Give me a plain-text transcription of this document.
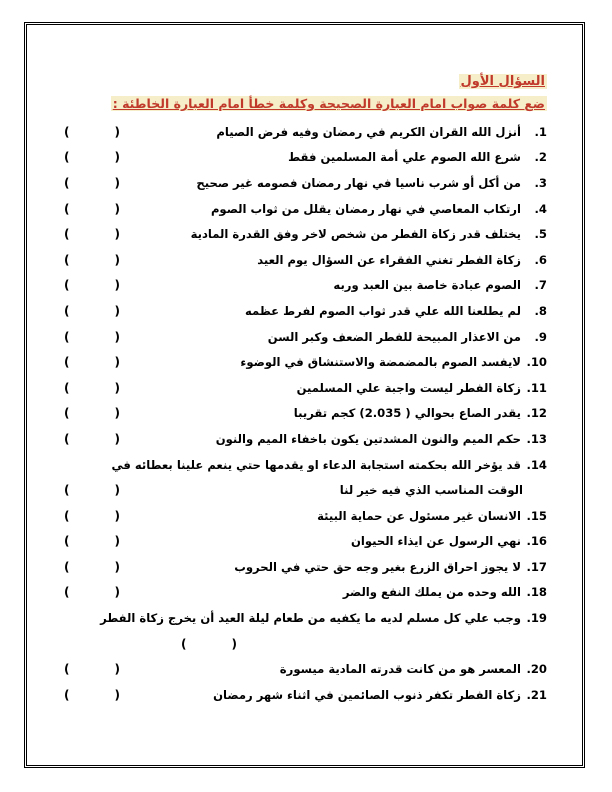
السؤال الأول
ضع كلمة صواب امام العبارة الصحيحة وكلمة خطأ امام العبارة الخاطئة :
1.

أنزل الله القران الكريم في رمضان وفيه فرض الصيام
(
)
2.

شرع الله الصوم علي أمة المسلمين فقط
(
)
3.

من أكل أو شرب ناسيا في نهار رمضان فصومه غير صحيح
(
)
4.

ارتكاب المعاصي في نهار رمضان يقلل من ثواب الصوم
(
)
5.

يختلف قدر زكاة الفطر من شخص لاخر وفق القدرة المادية
(
)
6.

زكاة الفطر تغني الفقراء عن السؤال يوم العيد
(
)
7.

الصوم عبادة خاصة بين العبد وربه
(
)
8.

لم يطلعنا الله علي قدر ثواب الصوم لفرط عظمه
(
)
9.

من الاعذار المبيحة للفطر الضعف وكبر السن
(
)
10.

لايفسد الصوم بالمضمضة والاستنشاق في الوضوء
(
)
11.

زكاة الفطر ليست واجبة علي المسلمين
(
)
12.

يقدر الصاع بحوالي ( 2.035) كجم تقريبا
(
)
13.

حكم الميم والنون المشدتين يكون باخفاء الميم والنون
(
)
14.

قد يؤخر الله بحكمته استجابة الدعاء او يقدمها حتي ينعم علينا بعطائه في
الوقت المناسب الذي فيه خير لنا
(
)
15.

الانسان غير مسئول عن حماية البيئة
(
)
16.

نهي الرسول عن ايذاء الحيوان
(
)
17.

لا يجوز احراق الزرع بغير وجه حق حتي في الحروب
(
)
18.

الله وحده من يملك النفع والضر
(
)
19.

وجب علي كل مسلم لديه ما يكفيه من طعام ليلة العيد أن يخرج زكاة الفطر
(
)
20.

المعسر هو من كانت قدرته المادية ميسورة
(
)
21.

زكاة الفطر تكفر ذنوب الصائمين في اثناء شهر رمضان
(
)
